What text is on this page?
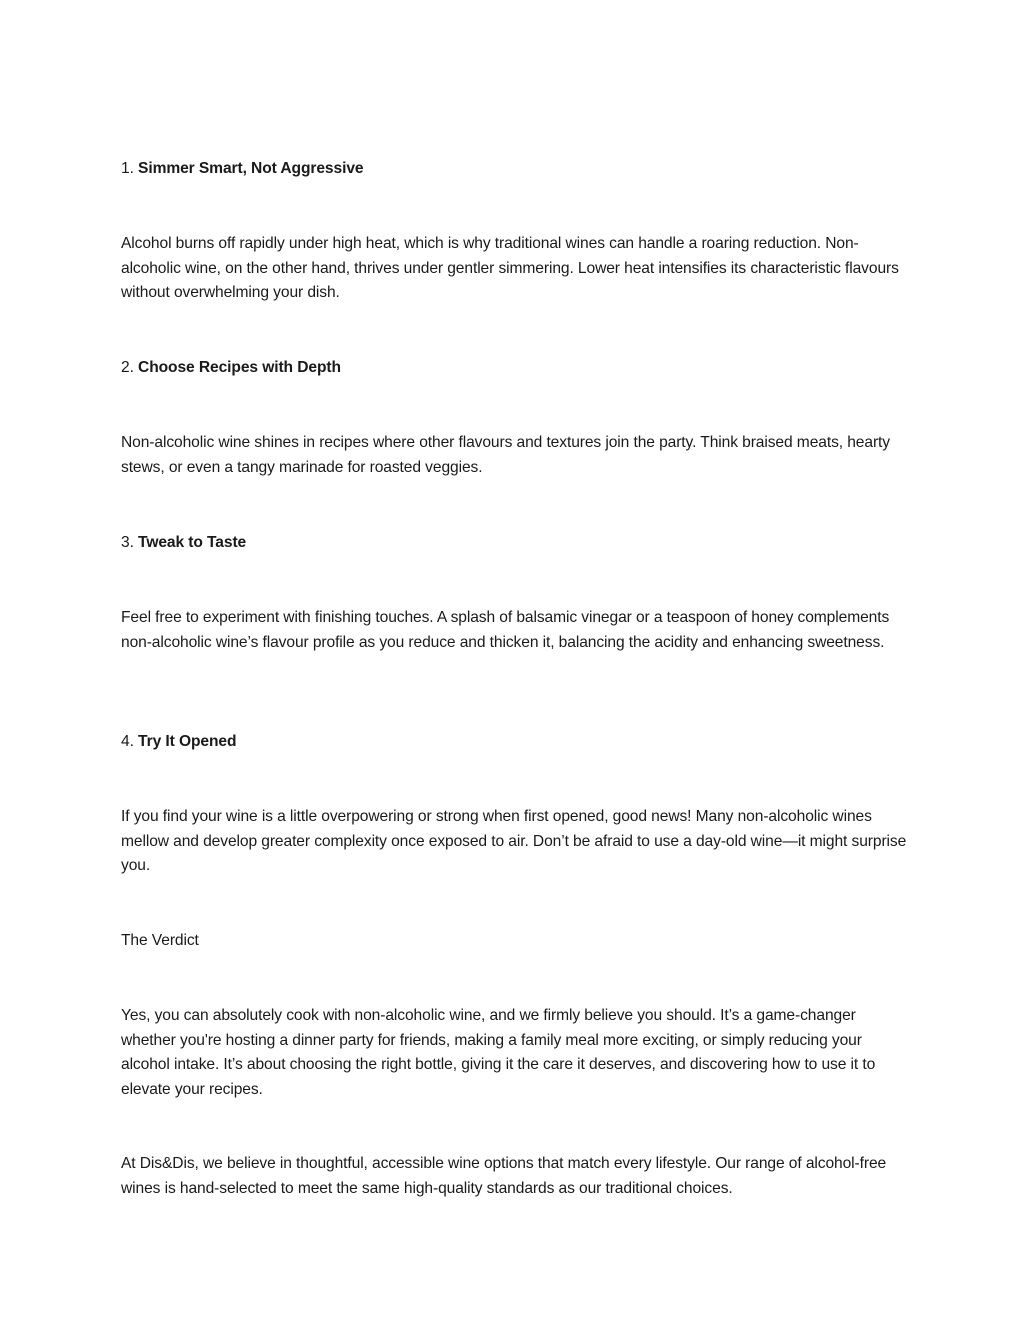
1. Simmer Smart, Not Aggressive

Alcohol burns off rapidly under high heat, which is why traditional wines can handle a roaring reduction. Non-alcoholic wine, on the other hand, thrives under gentler simmering. Lower heat intensifies its characteristic flavours without overwhelming your dish.

2. Choose Recipes with Depth

Non-alcoholic wine shines in recipes where other flavours and textures join the party. Think braised meats, hearty stews, or even a tangy marinade for roasted veggies.

3. Tweak to Taste

Feel free to experiment with finishing touches. A splash of balsamic vinegar or a teaspoon of honey complements non-alcoholic wine’s flavour profile as you reduce and thicken it, balancing the acidity and enhancing sweetness.

4. Try It Opened

If you find your wine is a little overpowering or strong when first opened, good news! Many non-alcoholic wines mellow and develop greater complexity once exposed to air. Don’t be afraid to use a day-old wine—it might surprise you.

The Verdict

Yes, you can absolutely cook with non-alcoholic wine, and we firmly believe you should. It’s a game-changer whether you're hosting a dinner party for friends, making a family meal more exciting, or simply reducing your alcohol intake. It’s about choosing the right bottle, giving it the care it deserves, and discovering how to use it to elevate your recipes.

At Dis&Dis, we believe in thoughtful, accessible wine options that match every lifestyle. Our range of alcohol-free wines is hand-selected to meet the same high-quality standards as our traditional choices.
